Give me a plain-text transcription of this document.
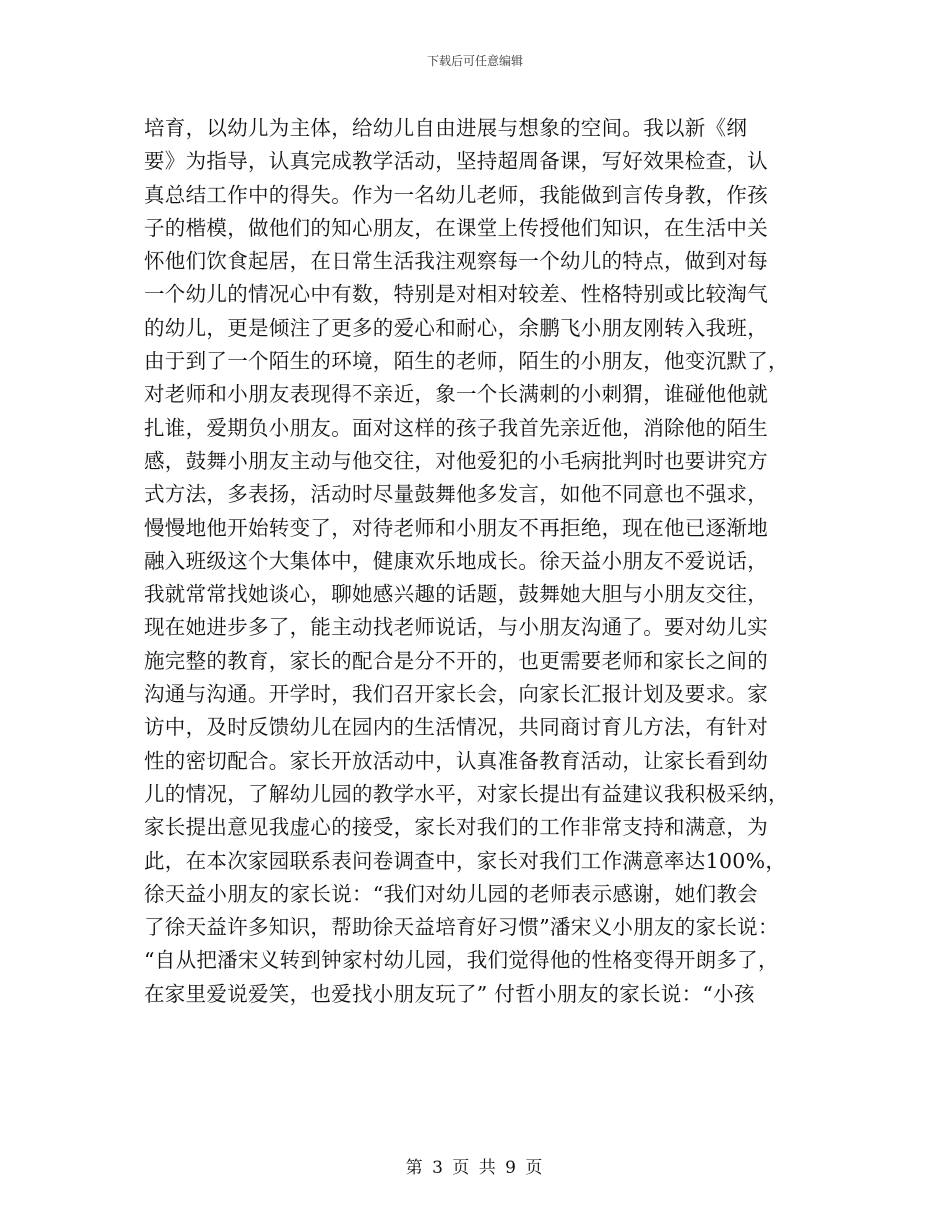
下载后可任意编辑
培育，以幼儿为主体，给幼儿自由进展与想象的空间。我以新《纲
要》为指导，认真完成教学活动，坚持超周备课，写好效果检查，认
真总结工作中的得失。作为一名幼儿老师，我能做到言传身教，作孩
子的楷模，做他们的知心朋友，在课堂上传授他们知识，在生活中关
怀他们饮食起居，在日常生活我注观察每一个幼儿的特点，做到对每
一个幼儿的情况心中有数，特别是对相对较差、性格特别或比较淘气
的幼儿，更是倾注了更多的爱心和耐心，余鹏飞小朋友刚转入我班，
由于到了一个陌生的环境，陌生的老师，陌生的小朋友，他变沉默了，
对老师和小朋友表现得不亲近，象一个长满刺的小刺猬，谁碰他他就
扎谁，爱期负小朋友。面对这样的孩子我首先亲近他，消除他的陌生
感，鼓舞小朋友主动与他交往，对他爱犯的小毛病批判时也要讲究方
式方法，多表扬，活动时尽量鼓舞他多发言，如他不同意也不强求，
慢慢地他开始转变了，对待老师和小朋友不再拒绝，现在他已逐渐地
融入班级这个大集体中，健康欢乐地成长。徐天益小朋友不爱说话，
我就常常找她谈心，聊她感兴趣的话题，鼓舞她大胆与小朋友交往，
现在她进步多了，能主动找老师说话，与小朋友沟通了。要对幼儿实
施完整的教育，家长的配合是分不开的，也更需要老师和家长之间的
沟通与沟通。开学时，我们召开家长会，向家长汇报计划及要求。家
访中，及时反馈幼儿在园内的生活情况，共同商讨育儿方法，有针对
性的密切配合。家长开放活动中，认真准备教育活动，让家长看到幼
儿的情况，了解幼儿园的教学水平，对家长提出有益建议我积极采纳，
家长提出意见我虚心的接受，家长对我们的工作非常支持和满意，为
此，在本次家园联系表问卷调查中，家长对我们工作满意率达100%，
徐天益小朋友的家长说：“我们对幼儿园的老师表示感谢，她们教会
了徐天益许多知识，帮助徐天益培育好习惯”潘宋义小朋友的家长说：
“自从把潘宋义转到钟家村幼儿园，我们觉得他的性格变得开朗多了，
在家里爱说爱笑，也爱找小朋友玩了” 付哲小朋友的家长说：“小孩
第 3 页 共 9 页
